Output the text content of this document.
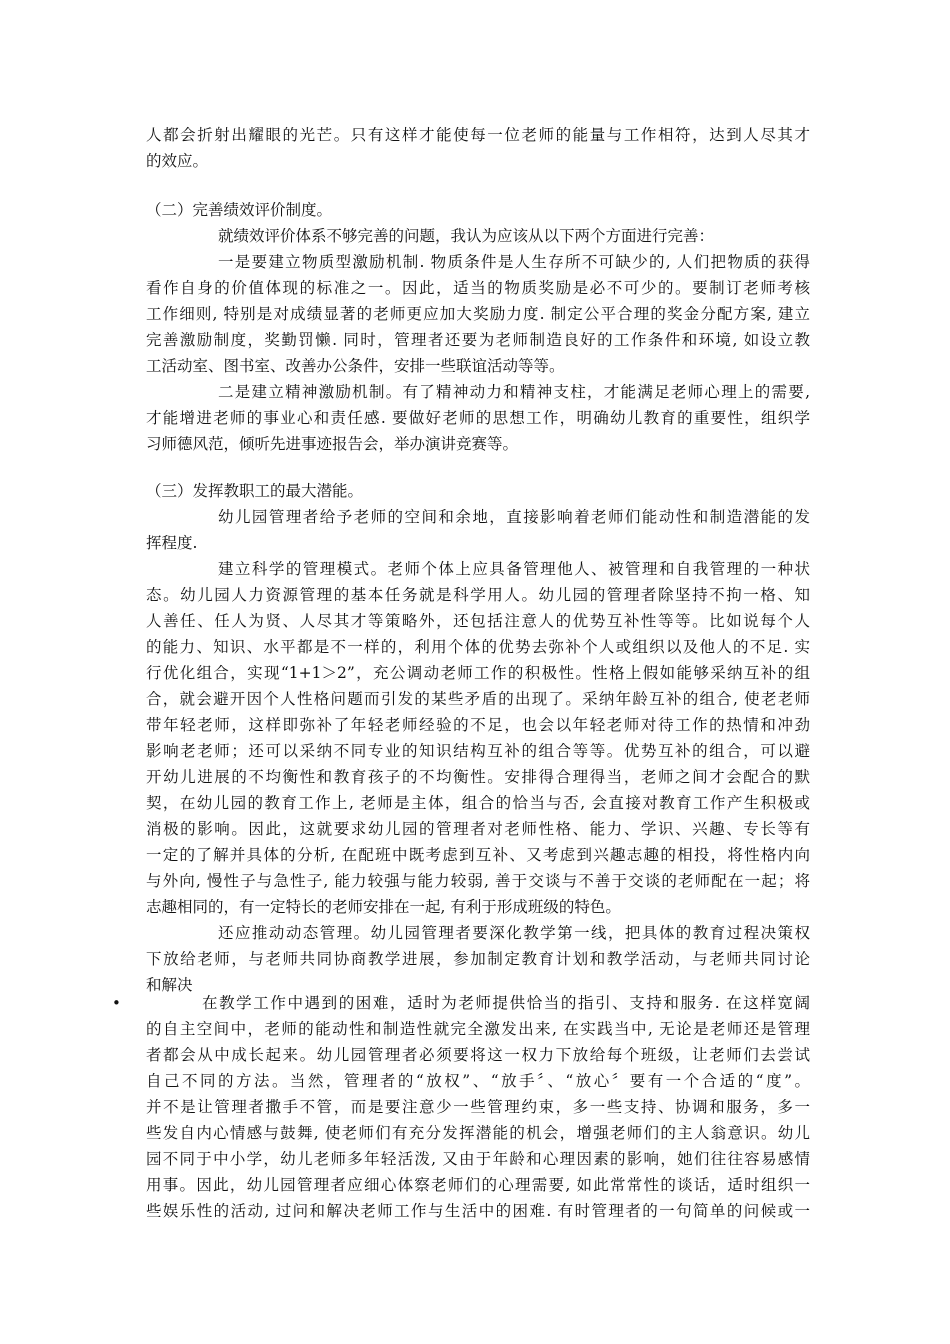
人都会折射出耀眼的光芒。只有这样才能使每一位老师的能量与工作相符，达到人尽其才
的效应。
（二）完善绩效评价制度。
就绩效评价体系不够完善的问题，我认为应该从以下两个方面进行完善：
一是要建立物质型激励机制. 物质条件是人生存所不可缺少的, 人们把物质的获得
看作自身的价值体现的标准之一。因此，适当的物质奖励是必不可少的。要制订老师考核
工作细则, 特别是对成绩显著的老师更应加大奖励力度. 制定公平合理的奖金分配方案, 建立
完善激励制度，奖勤罚懒. 同时，管理者还要为老师制造良好的工作条件和环境, 如设立教
工活动室、图书室、改善办公条件，安排一些联谊活动等等。
二是建立精神激励机制。有了精神动力和精神支柱，才能满足老师心理上的需要,
才能增进老师的事业心和责任感. 要做好老师的思想工作，明确幼儿教育的重要性，组织学
习师德风范，倾听先进事迹报告会，举办演讲竞赛等。
（三）发挥教职工的最大潜能。
幼儿园管理者给予老师的空间和余地，直接影响着老师们能动性和制造潜能的发
挥程度.
建立科学的管理模式。老师个体上应具备管理他人、被管理和自我管理的一种状
态。幼儿园人力资源管理的基本任务就是科学用人。幼儿园的管理者除坚持不拘一格、知
人善任、任人为贤、人尽其才等策略外，还包括注意人的优势互补性等等。比如说每个人
的能力、知识、水平都是不一样的，利用个体的优势去弥补个人或组织以及他人的不足. 实
行优化组合，实现“1+1＞2”，充公调动老师工作的积极性。性格上假如能够采纳互补的组
合，就会避开因个人性格问题而引发的某些矛盾的出现了。采纳年龄互补的组合, 使老老师
带年轻老师，这样即弥补了年轻老师经验的不足，也会以年轻老师对待工作的热情和冲劲
影响老老师；还可以采纳不同专业的知识结构互补的组合等等。优势互补的组合，可以避
开幼儿进展的不均衡性和教育孩子的不均衡性。安排得合理得当，老师之间才会配合的默
契，在幼儿园的教育工作上, 老师是主体，组合的恰当与否, 会直接对教育工作产生积极或
消极的影响。因此，这就要求幼儿园的管理者对老师性格、能力、学识、兴趣、专长等有
一定的了解并具体的分析, 在配班中既考虑到互补、又考虑到兴趣志趣的相投，将性格内向
与外向, 慢性子与急性子, 能力较强与能力较弱, 善于交谈与不善于交谈的老师配在一起；将
志趣相同的，有一定特长的老师安排在一起, 有利于形成班级的特色。
还应推动动态管理。幼儿园管理者要深化教学第一线，把具体的教育过程决策权
下放给老师，与老师共同协商教学进展，参加制定教育计划和教学活动，与老师共同讨论
和解决
•	在教学工作中遇到的困难，适时为老师提供恰当的指引、支持和服务. 在这样宽阔
的自主空间中，老师的能动性和制造性就完全激发出来, 在实践当中, 无论是老师还是管理
者都会从中成长起来。幼儿园管理者必须要将这一权力下放给每个班级，让老师们去尝试
自己不同的方法。当然，管理者的“放权”、“放手〞、“放心〞要有一个合适的“度”。
并不是让管理者撒手不管，而是要注意少一些管理约束，多一些支持、协调和服务，多一
些发自内心情感与鼓舞, 使老师们有充分发挥潜能的机会，增强老师们的主人翁意识。幼儿
园不同于中小学，幼儿老师多年轻活泼, 又由于年龄和心理因素的影响，她们往往容易感情
用事。因此，幼儿园管理者应细心体察老师们的心理需要, 如此常常性的谈话，适时组织一
些娱乐性的活动, 过问和解决老师工作与生活中的困难. 有时管理者的一句简单的问候或一
